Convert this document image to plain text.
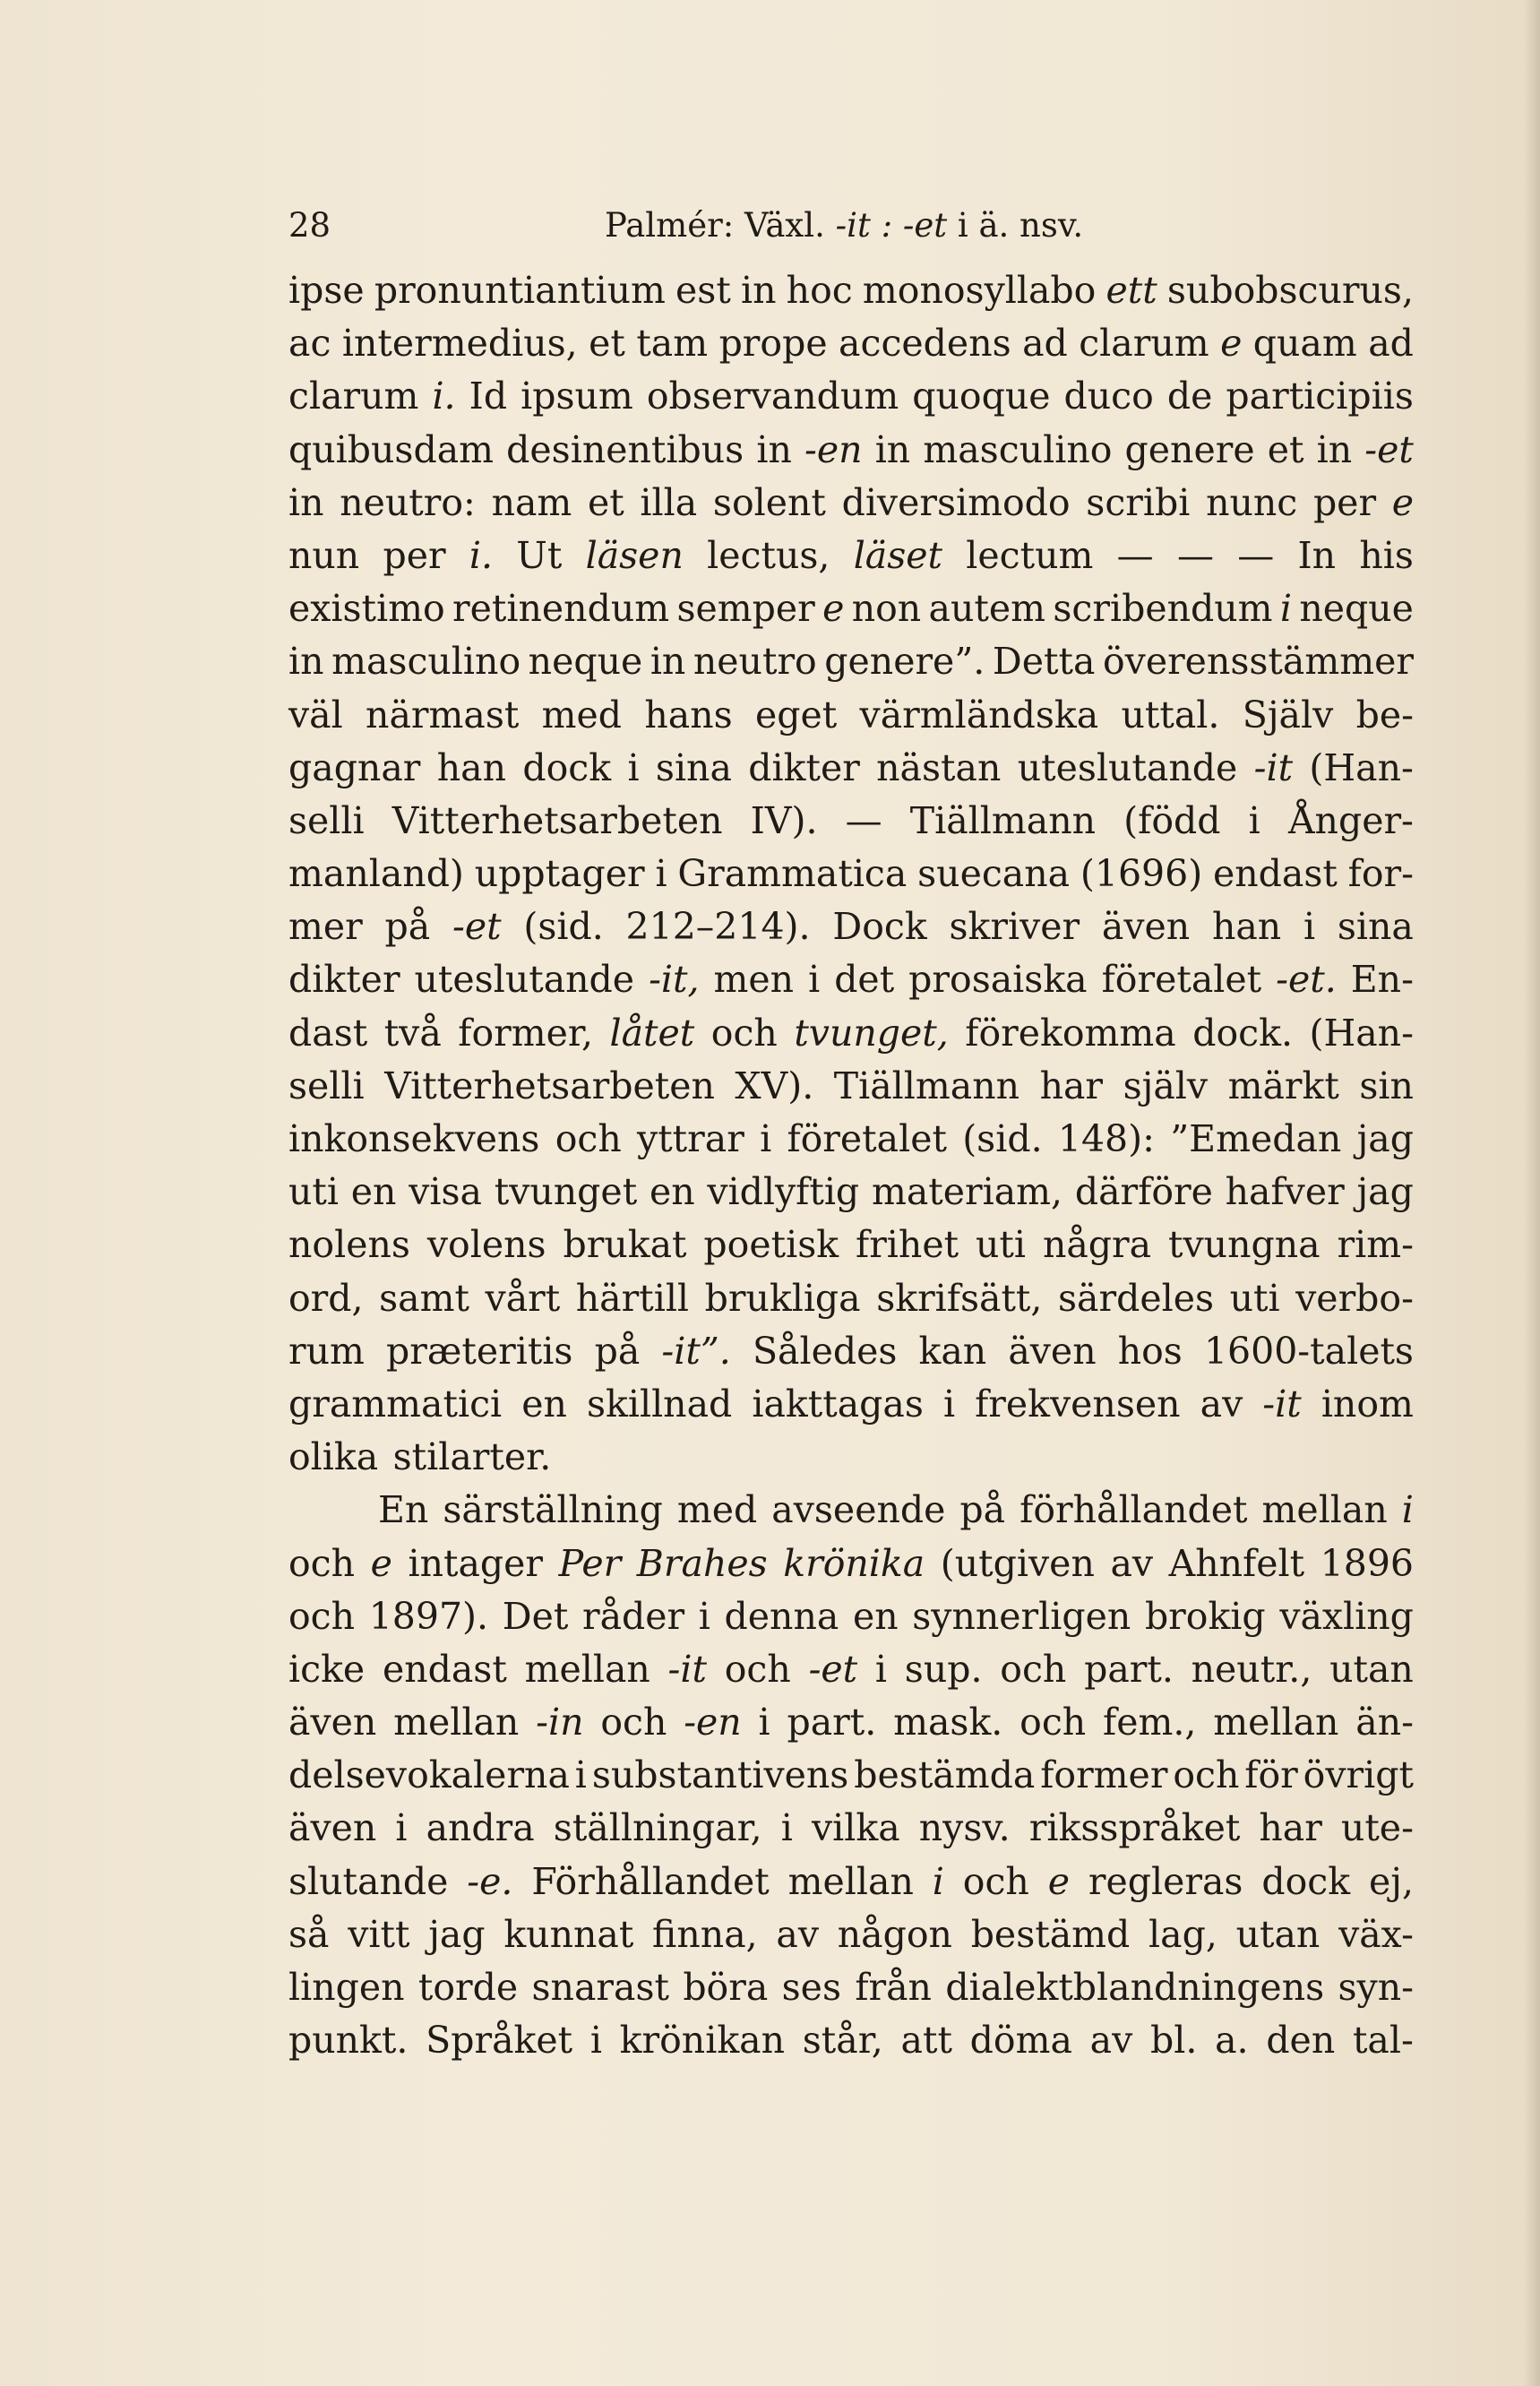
28	Palmér: Växl. -it : -et i ä. nsv.
ipse pronuntiantium est in hoc monosyllabo ett subobscurus,
ac intermedius, et tam prope accedens ad clarum e quam ad
clarum i. Id ipsum observandum quoque duco de participiis
quibusdam desinentibus in -en in masculino genere et in -et
in neutro: nam et illa solent diversimodo scribi nunc per e
nun per i. Ut läsen lectus, läset lectum — — — In his
existimo retinendum semper e non autem scribendum i neque
in masculino neque in neutro genere”. Detta överensstämmer
väl närmast med hans eget värmländska uttal. Själv be-
gagnar han dock i sina dikter nästan uteslutande -it (Han-
selli Vitterhetsarbeten IV). — Tiällmann (född i Ånger-
manland) upptager i Grammatica suecana (1696) endast for-
mer på -et (sid. 212–214). Dock skriver även han i sina
dikter uteslutande -it, men i det prosaiska företalet -et. En-
dast två former, låtet och tvunget, förekomma dock. (Han-
selli Vitterhetsarbeten XV). Tiällmann har själv märkt sin
inkonsekvens och yttrar i företalet (sid. 148): ”Emedan jag
uti en visa tvunget en vidlyftig materiam, därföre hafver jag
nolens volens brukat poetisk frihet uti några tvungna rim-
ord, samt vårt härtill brukliga skrifsätt, särdeles uti verbo-
rum præteritis på -it”. Således kan även hos 1600-talets
grammatici en skillnad iakttagas i frekvensen av -it inom
olika stilarter.
En särställning med avseende på förhållandet mellan i
och e intager Per Brahes krönika (utgiven av Ahnfelt 1896
och 1897). Det råder i denna en synnerligen brokig växling
icke endast mellan -it och -et i sup. och part. neutr., utan
även mellan -in och -en i part. mask. och fem., mellan än-
delsevokalerna i substantivens bestämda former och för övrigt
även i andra ställningar, i vilka nysv. riksspråket har ute-
slutande -e. Förhållandet mellan i och e regleras dock ej,
så vitt jag kunnat finna, av någon bestämd lag, utan väx-
lingen torde snarast böra ses från dialektblandningens syn-
punkt. Språket i krönikan står, att döma av bl. a. den tal-
